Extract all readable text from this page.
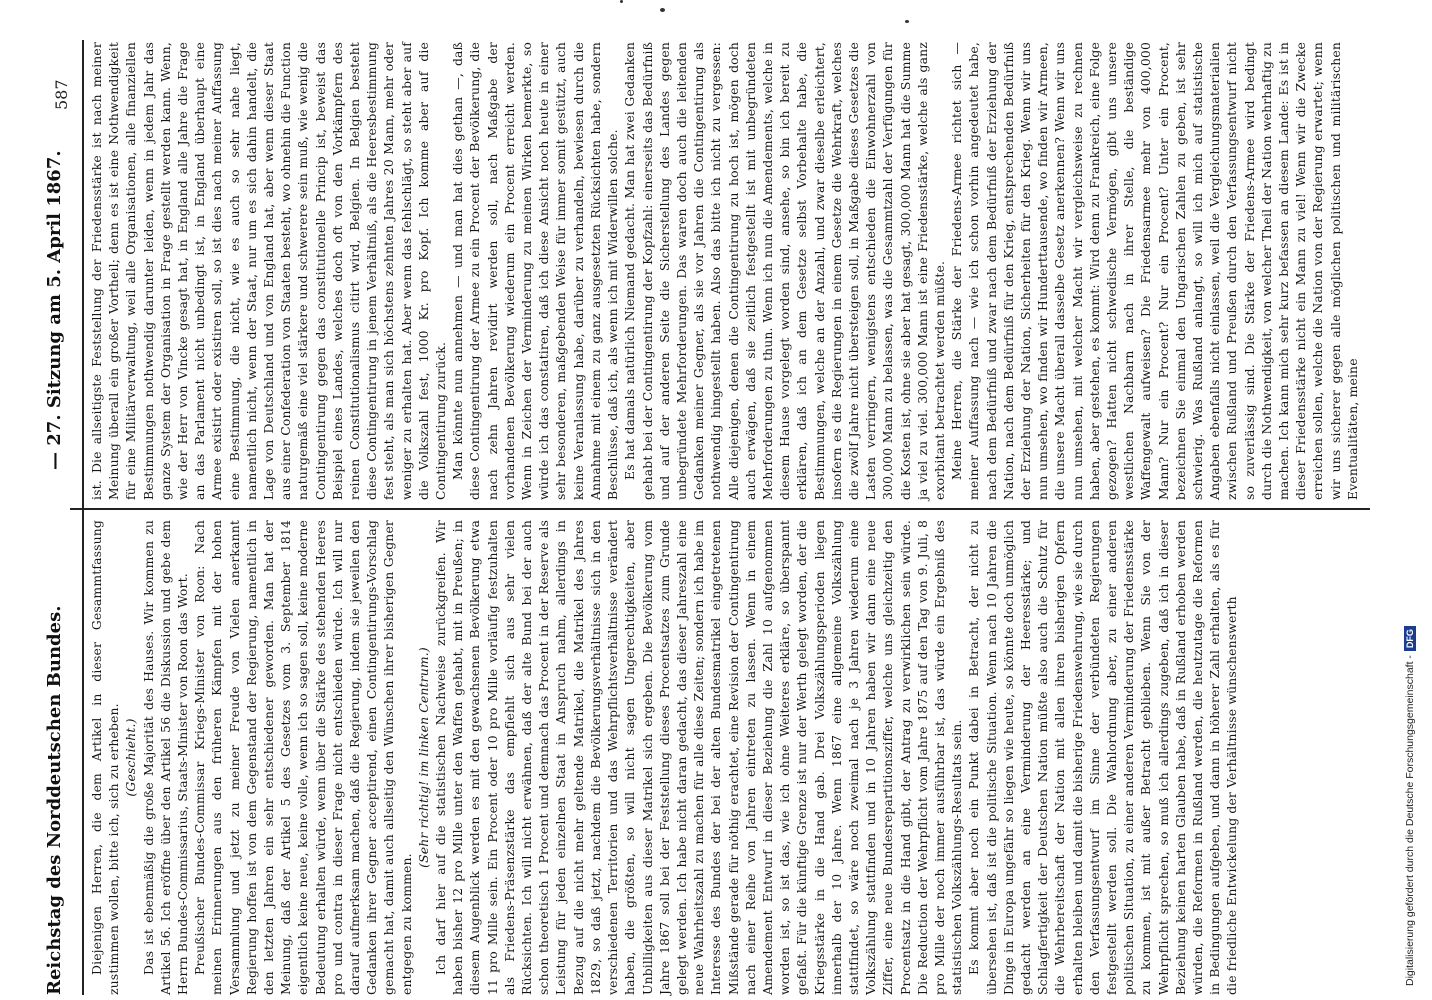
Reichstag des Norddeutschen Bundes.
— 27. Sitzung am 5. April 1867.
587

Diejenigen Herren, die dem Artikel in dieser Gesammtfassung zustimmen wollen, bitte ich, sich zu erheben. (Geschieht.) Das ist ebenmäßig die große Majorität des Hauses. Wir kommen zu Artikel 56. Ich eröffne über den Artikel 56 die Diskussion und gebe dem Herrn Bundes-Commissarius, Staats-Minister von Roon das Wort. Preußischer Bundes-Commissar Kriegs-Minister von Roon: Nach meinen Erinnerungen aus den früheren Kämpfen mit der hohen Versammlung und jetzt zu meiner Freude von Vielen anerkannt Regierung hoffen ist von dem Gegenstand der Regierung, namentlich in den letzten Jahren ein sehr entschiedener geworden. Man hat der Meinung, daß der Artikel 5 des Gesetzes vom 3. September 1814 eigentlich keine neue, keine volle, wenn ich so sagen soll, keine moderne Bedeutung erhalten würde, wenn über die Stärke des stehenden Heeres pro und contra in dieser Frage nicht entschieden würde. Ich will nur darauf aufmerksam machen, daß die Regierung, indem sie jeweilen den Gedanken ihrer Gegner acceptirend, einen Contingentirungs-Vorschlag gemacht hat, damit auch allseitig den Wünschen ihrer bisherigen Gegner entgegen zu kommen.

(Sehr richtig! im linken Centrum.) Ich darf hier auf die statistischen Nachweise zurückgreifen. Wir haben bisher 12 pro Mille unter den Waffen gehabt, mit in Preußen; in diesem Augenblick werden es mit den gewachsenen Bevölkerung etwa 11 pro Mille sein. Ein Procent oder 10 pro Mille vorläufig festzuhalten als Friedens-Präsenzstärke das empfiehlt sich aus sehr vielen Rücksichten. Ich will nicht erwähnen, daß der alte Bund bei der auch schon theoretisch 1 Procent und demnach das Procent in der Reserve als Leistung für jeden einzelnen Staat in Anspruch nahm, allerdings in Bezug auf die nicht mehr geltende Matrikel, die Matrikel des Jahres 1829, so daß jetzt, nachdem die Bevölkerungsverhältnisse sich in den verschiedenen Territorien und das Wehrpflichtsverhältnisse verändert haben, die größten, so will nicht sagen Ungerechtigkeiten, aber Unbilligkeiten aus dieser Matrikel sich ergeben. Die Bevölkerung vom Jahre 1867 soll bei der Feststellung dieses Procentsatzes zum Grunde gelegt werden. Ich habe nicht daran gedacht, das dieser Jahreszahl eine neue Wahrheitszahl zu machen für alle diese Zeiten; sondern ich habe im Interesse des Bundes der bei der alten Bundesmatrikel eingetretenen Mißstände gerade für nöthig erachtet, eine Revision der Contingentirung nach einer Reihe von Jahren eintreten zu lassen. Wenn in einem Amendement Entwurf in dieser Beziehung die Zahl 10 aufgenommen worden ist, so ist das, wie ich ohne Weiteres erkläre, so überspannt gefaßt. Für die künftige Grenze ist nur der Werth gelegt worden, der die Kriegsstärke in die Hand gab. Drei Volkszählungsperioden liegen innerhalb der 10 Jahre. Wenn 1867 eine allgemeine Volkszählung stattfindet, so wäre noch zweimal nach je 3 Jahren wiederum eine Volkszählung stattfinden und in 10 Jahren haben wir dann eine neue Ziffer, eine neue Bundesrepartitionsziffer, welche uns gleichzeitig den Procentsatz in die Hand gibt, der Antrag zu verwirklichen sein würde. Die Reduction der Wehrpflicht vom Jahre 1875 auf den Tag von 9. Juli, 8 pro Mille der noch immer ausführbar ist, das würde ein Ergebniß des statistischen Volkszählungs-Resultats sein. Es kommt aber noch ein Punkt dabei in Betracht, der nicht zu übersehen ist, daß ist die politische Situation. Wenn nach 10 Jahren die Dinge in Europa ungefähr so liegen wie heute, so könnte doch unmöglich gedacht werden an eine Verminderung der Heeresstärke; und Schlagfertigkeit der Deutschen Nation müßte also auch die Schutz für die Wehrbereitschaft der Nation mit allen ihren bisherigen Opfern erhalten bleiben und damit die bisherige Friedenswehrung, wie sie durch den Verfassungsentwurf im Sinne der verbündeten Regierungen festgestellt werden soll. Die Wahlordnung aber, zu einer anderen politischen Situation, zu einer anderen Verminderung der Friedensstärke zu kommen, ist mit außer Betracht geblieben. Wenn Sie von der Wehrpflicht sprechen, so muß ich allerdings zugeben, daß ich in dieser Beziehung keinen harten Glauben habe, daß in Rußland erhoben werden würden, die Reformen in Rußland werden, die heutzutage die Reformen in Bedingungen aufgeben, und dann in höherer Zahl erhalten, als es für die friedliche Entwickelung der Verhältnisse wünschenswerth

ist. Die allseitigste Feststellung der Friedensstärke ist nach meiner Meinung überall ein großer Vortheil; denn es ist eine Nothwendigkeit für eine Militärverwaltung, weil alle Organisationen, alle finanziellen Bestimmungen nothwendig darunter leiden, wenn in jedem Jahr das ganze System der Organisation in Frage gestellt werden kann. Wenn, wie der Herr von Vincke gesagt hat, in England alle Jahre die Frage an das Parlament nicht unbedingt ist, in England überhaupt eine Armee existirt oder existiren soll, so ist dies nach meiner Auffassung eine Bestimmung, die nicht, wie es auch so sehr nahe liegt, namentlich nicht, wenn der Staat, nur um es sich dahin handelt, die Lage von Deutschland und von England hat, aber wenn dieser Staat aus einer Confederation von Staaten besteht, wo ohnehin die Function naturgemäß eine viel stärkere und schwerere sein muß, wie wenig die Contingentirung gegen das constitutionelle Princip ist, beweist das Beispiel eines Landes, welches doch oft von den Vorkämpfern des reinen Constitutionalismus citirt wird, Belgien. In Belgien besteht diese Contingentirung in jenem Verhältniß, als die Heeresbestimmung fest steht, als man sich höchstens zehnten Jahres 20 Mann, mehr oder weniger zu erhalten hat. Aber wenn das fehlschlägt, so steht aber auf die Volkszahl fest, 1000 Kr. pro Kopf. Ich komme aber auf die Contingentirung zurück. Man könnte nun annehmen — und man hat dies gethan —, daß diese Contingentirung der Armee zu ein Procent der Bevölkerung, die nach zehn Jahren revidirt werden soll, nach Maßgabe der vorhandenen Bevölkerung wiederum ein Procent erreicht werden. Wenn in Zeichen der Verminderung zu meinen Wirken bemerkte, so würde ich das constatiren, daß ich diese Ansicht noch heute in einer sehr besonderen, maßgebenden Weise für immer somit gestützt, auch keine Veranlassung habe, darüber zu verhandeln, bewiesen durch die Annahme mit einem zu ganz ausgesetzten Rücksichten habe, sondern Beschlüsse, daß ich, als wenn ich mit Widerwillen solche. Es hat damals natürlich Niemand gedacht. Man hat zwei Gedanken gehabt bei der Contingentirung der Kopfzahl: einerseits das Bedürfniß und auf der anderen Seite die Sicherstellung des Landes gegen unbegründete Mehrforderungen. Das waren doch auch die leitenden Gedanken meiner Gegner, als sie vor Jahren die Contingentirung als nothwendig hingestellt haben. Also das bitte ich nicht zu vergessen: Alle diejenigen, denen die Contingentirung zu hoch ist, mögen doch auch erwägen, daß sie zeitlich festgestellt ist mit unbegründeten Mehrforderungen zu thun. Wenn ich nun die Amendements, welche in diesem Hause vorgelegt worden sind, ansehe, so bin ich bereit zu erklären, daß ich an dem Gesetze selbst Vorbehalte habe, die Bestimmungen, welche an der Anzahl, und zwar dieselbe erleichtert, insofern es die Regierungen in einem Gesetze die Wehrkraft, welches die zwölf Jahre nicht übersteigen soll, in Maßgabe dieses Gesetzes die Lasten verringern, wenigstens entschieden die Einwohnerzahl von 300,000 Mann zu belassen, was die Gesammtzahl der Verfügungen für die Kosten ist, ohne sie aber hat gesagt, 300,000 Mann hat die Summe ja viel zu viel. 300,000 Mann ist eine Friedensstärke, welche als ganz exorbitant betrachtet werden müßte. Meine Herren, die Stärke der Friedens-Armee richtet sich — meiner Auffassung nach — wie ich schon vorhin angedeutet habe, nach dem Bedürfniß und zwar nach dem Bedürfniß der Erziehung der Nation, nach dem Bedürfniß für den Krieg, entsprechenden Bedürfniß der Erziehung der Nation, Sicherheiten für den Krieg. Wenn wir uns nun umsehen, wo finden wir Hunderttausende, wo finden wir Armeen, die unsere Macht überall dasselbe Gesetz anerkennen? Wenn wir uns nun umsehen, mit welcher Macht wir vergleichsweise zu rechnen haben, aber gestehen, es kommt: Wird denn zu Frankreich, eine Folge gezogen? Hatten nicht schwedische Vermögen, gibt uns unsere westlichen Nachbarn nach in ihrer Stelle, die beständige Waffengewalt aufweisen? Die Friedensarmee mehr von 400,000 Mann? Nur ein Procent? Nur ein Procent? Unter ein Procent, bezeichnen Sie einmal den Ungarischen Zahlen zu geben, ist sehr schwierig. Was Rußland anlangt, so will ich mich auf statistische Angaben ebenfalls nicht einlassen, weil die Vergleichungsmaterialien zwischen Rußland und Preußen durch den Verfassungsentwurf nicht so zuverlässig sind. Die Stärke der Friedens-Armee wird bedingt durch die Nothwendigkeit, von welcher Theil der Nation wehrhaftig zu machen. Ich kann mich sehr kurz befassen an diesem Lande: Es ist in dieser Friedensstärke nicht ein Mann zu viel! Wenn wir die Zwecke erreichen sollen, welche die Nation von der Regierung erwartet; wenn wir uns sicherer gegen alle möglichen politischen und militärischen Eventualitäten, meine

Digitalisierung gefördert durch die Deutsche Forschungsgemeinschaft -
DFG
